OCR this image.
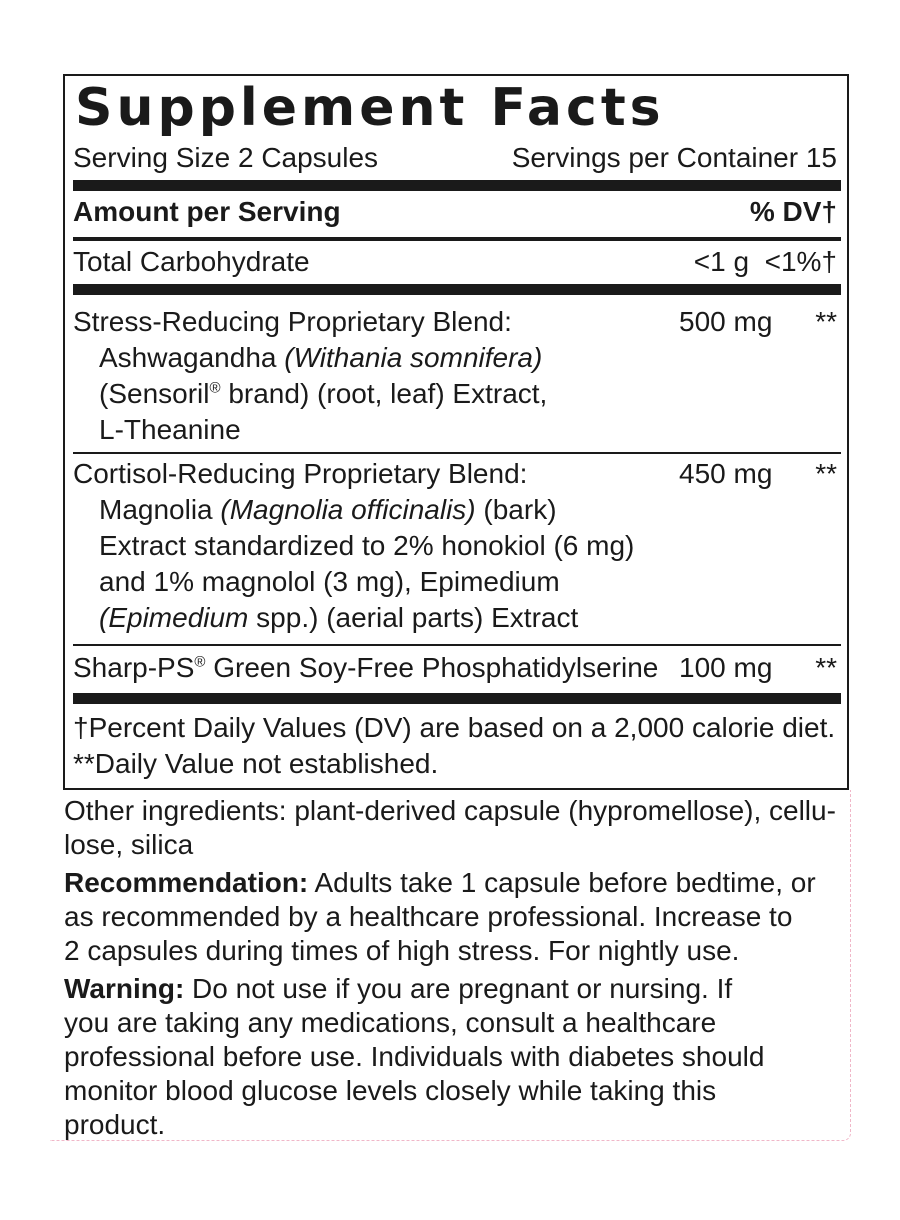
Supplement Facts
Serving Size 2 Capsules	Servings per Container 15
Amount per Serving	% DV†
Total Carbohydrate	<1 g <1%†
Stress-Reducing Proprietary Blend:	500 mg **
Ashwagandha (Withania somnifera)
(Sensoril® brand) (root, leaf) Extract,
L-Theanine
Cortisol-Reducing Proprietary Blend:	450 mg **
Magnolia (Magnolia officinalis) (bark)
Extract standardized to 2% honokiol (6 mg)
and 1% magnolol (3 mg), Epimedium
(Epimedium spp.) (aerial parts) Extract
Sharp-PS® Green Soy-Free Phosphatidylserine 100 mg **
†Percent Daily Values (DV) are based on a 2,000 calorie diet.
**Daily Value not established.
Other ingredients: plant-derived capsule (hypromellose), cellu-
lose, silica
Recommendation: Adults take 1 capsule before bedtime, or
as recommended by a healthcare professional. Increase to
2 capsules during times of high stress. For nightly use.
Warning: Do not use if you are pregnant or nursing. If
you are taking any medications, consult a healthcare
professional before use. Individuals with diabetes should
monitor blood glucose levels closely while taking this
product.
